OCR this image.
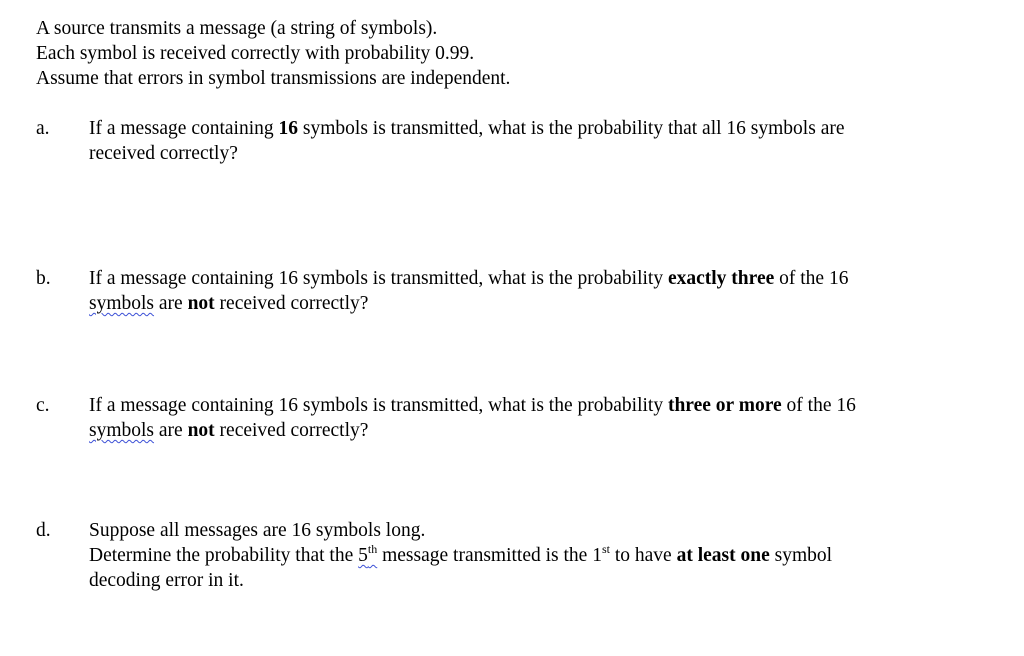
A source transmits a message (a string of symbols).
Each symbol is received correctly with probability 0.99.
Assume that errors in symbol transmissions are independent.
a.	If a message containing 16 symbols is transmitted, what is the probability that all 16 symbols are
received correctly?
b.	If a message containing 16 symbols is transmitted, what is the probability exactly three of the 16
symbols are not received correctly?
c.	If a message containing 16 symbols is transmitted, what is the probability three or more of the 16
symbols are not received correctly?
d.	Suppose all messages are 16 symbols long.
Determine the probability that the 5th message transmitted is the 1st to have at least one symbol
decoding error in it.
